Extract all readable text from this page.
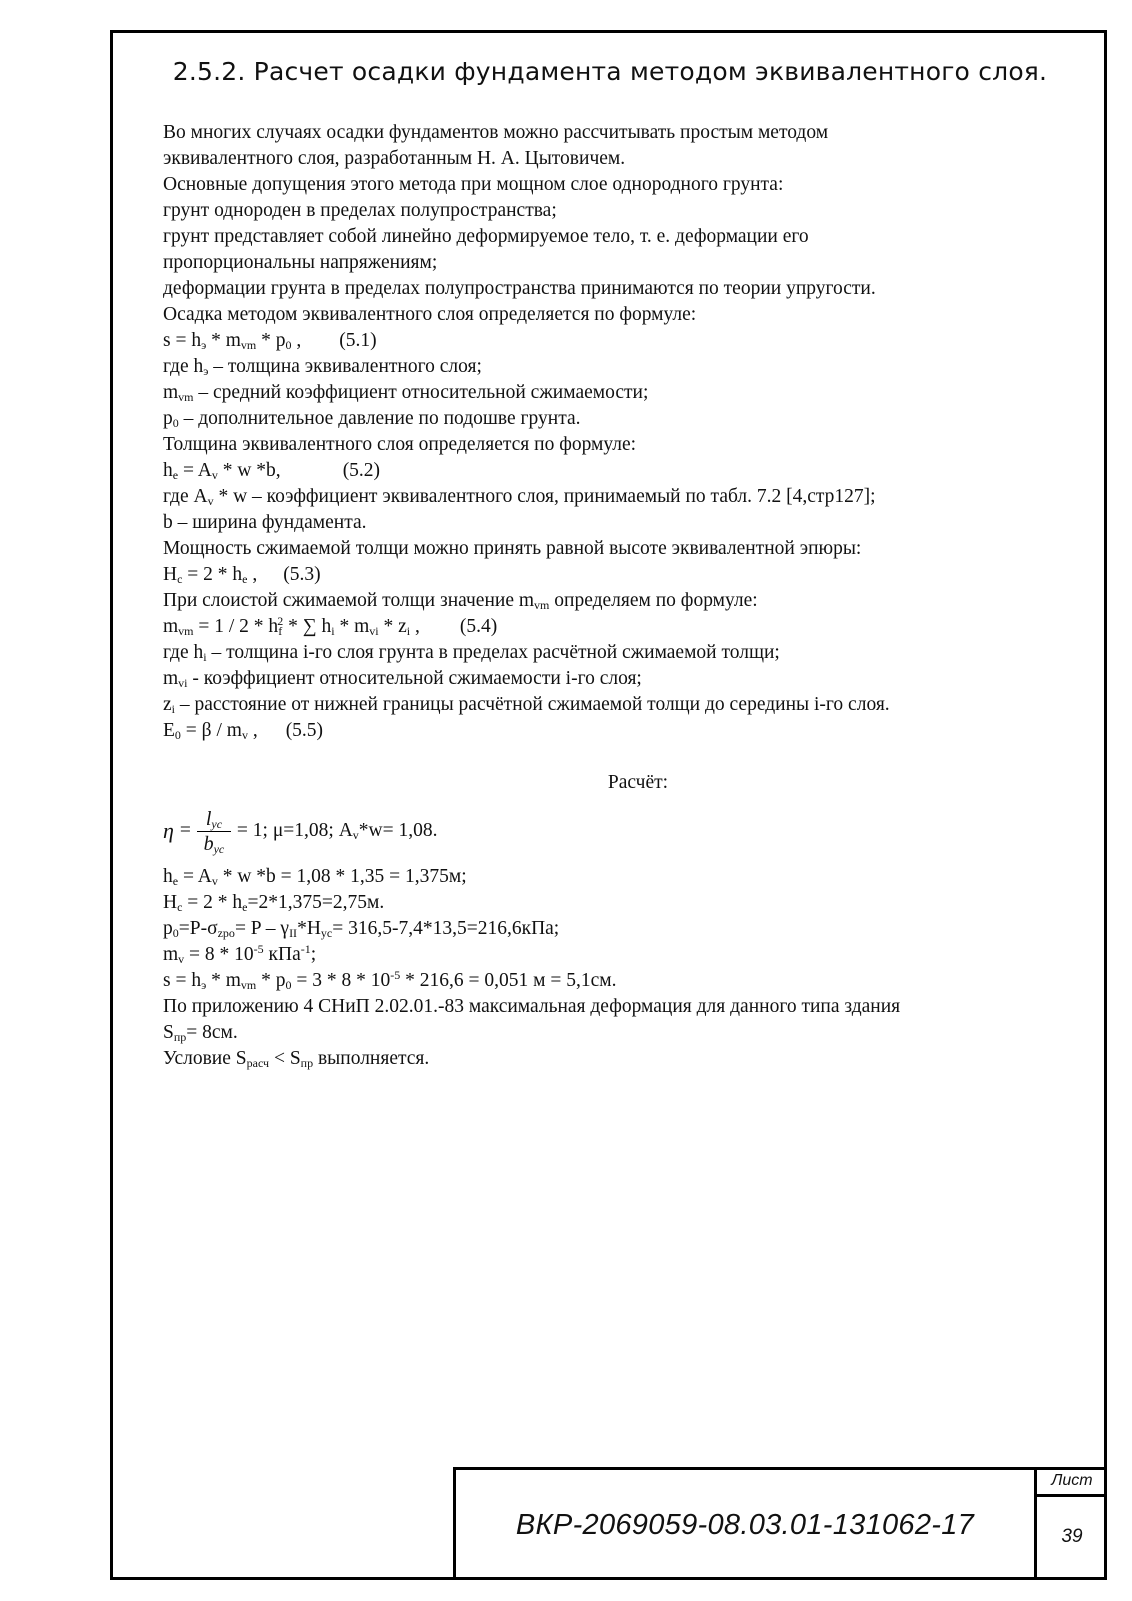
2.5.2. Расчет осадки фундамента методом эквивалентного слоя.

Во многих случаях осадки фундаментов можно рассчитывать простым методом

эквивалентного слоя, разработанным Н. А. Цытовичем.

Основные допущения этого метода при мощном слое однородного грунта:

грунт однороден в пределах полупространства;

грунт представляет собой линейно деформируемое тело, т. е. деформации его

пропорциональны напряжениям;

деформации грунта в пределах полупространства принимаются по теории упругости.

Осадка методом эквивалентного слоя определяется по формуле:

$s = h_э * m_{vm} * p_0$ , (5.1)

где $h_э$ – толщина эквивалентного слоя;

$m_{vm}$ – средний коэффициент относительной сжимаемости;

$p_0$ – дополнительное давление по подошве грунта.

Толщина эквивалентного слоя определяется по формуле:

$h_e = A_v * w$ *b,	(5.2)

где $A_v$ * w – коэффициент эквивалентного слоя, принимаемый по табл. 7.2 [4,стр127];

b – ширина фундамента.

Мощность сжимаемой толщи можно принять равной высоте эквивалентной эпюры:

$H_c = 2 * h_e$ , (5.3)

При слоистой сжимаемой толщи значение $m_{vm}$ определяем по формуле:

$m_{vm} = 1 / 2 * h_f^2$ * ∑ $h_i * m_{vi} * z_i$ , (5.4)

где $h_i$ – толщина i-го слоя грунта в пределах расчётной сжимаемой толщи;

$m_{vi}$ - коэффициент относительной сжимаемости i-го слоя;

$z_i$ – расстояние от нижней границы расчётной сжимаемой толщи до середины i-го слоя.

$E_0 = \beta / m_v$ , (5.5)

Расчёт:

$\eta = \frac{l_{ус}}{b_{ус}} = 1$; μ=1,08; $A_v*w= 1,08$.

$h_e = A_v * w$ *b = 1,08 * 1,35 = 1,375м;

$H_c = 2 * h_e=2*1,375=2,75м$.

$p_0=P-\sigma_{zpo}= P - \gamma_{II}*H_{ус}= 316,5-7,4*13,5=216,6кПа$;

$m_v = 8 * 10^{-5}$ кПа$^{-1}$;

$s = h_э * m_{vm} * p_0 = 3 * 8 * 10^{-5} * 216,6 = 0,051$ м = 5,1см.

По приложению 4 СНиП 2.02.01.-83 максимальная деформация для данного типа здания

$S_{пр}= 8см$.

Условие $S_{расч} < S_{пр}$ выполняется.

ВКР-2069059-08.03.01-131062-17
Лист
39
